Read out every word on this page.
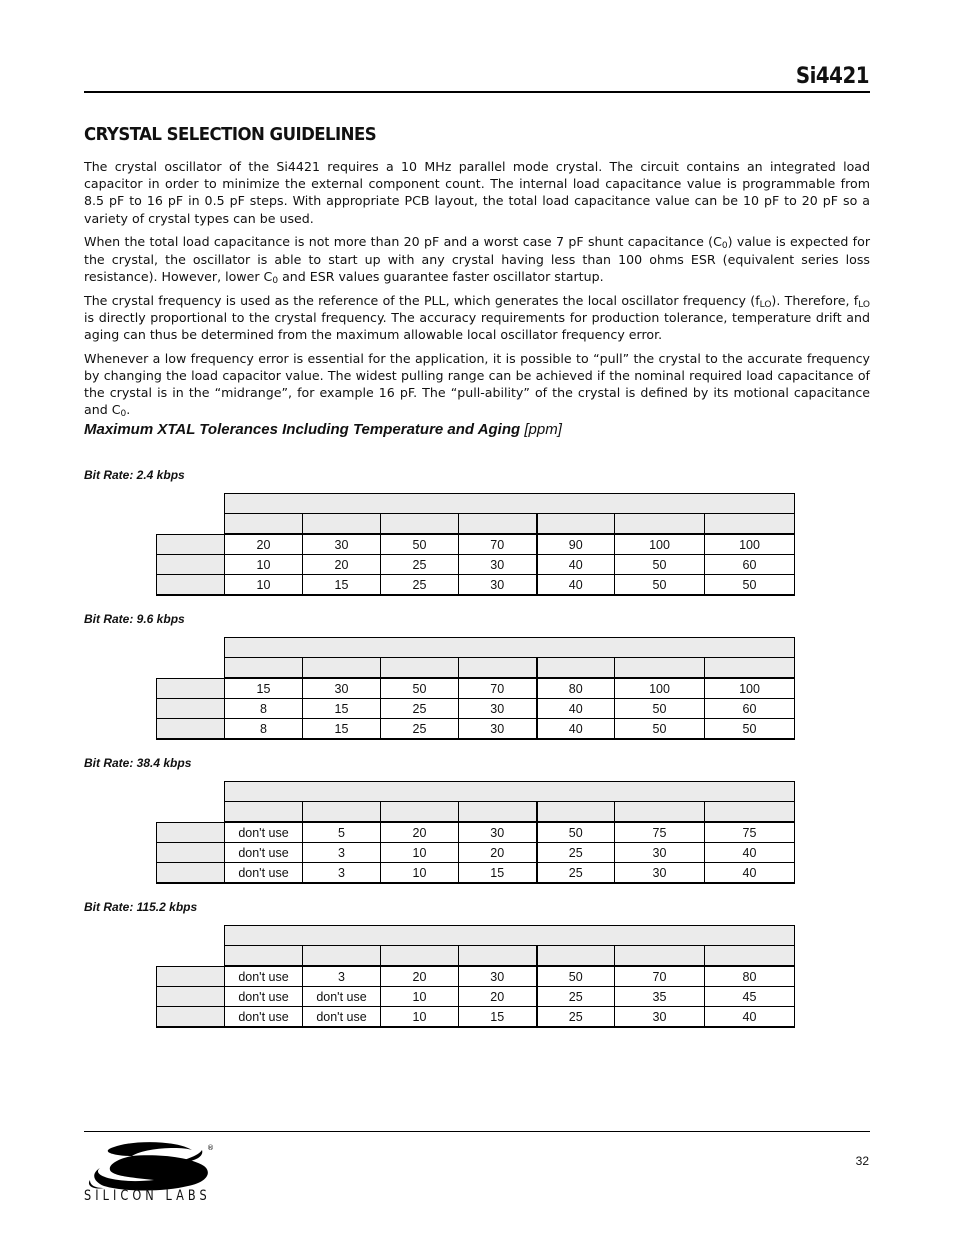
Si4421
CRYSTAL SELECTION GUIDELINES

The crystal oscillator of the Si4421 requires a 10 MHz parallel mode crystal. The circuit contains an integrated load capacitor in order to minimize the external component count. The internal load capacitance value is programmable from 8.5 pF to 16 pF in 0.5 pF steps. With appropriate PCB layout, the total load capacitance value can be 10 pF to 20 pF so a variety of crystal types can be used.

When the total load capacitance is not more than 20 pF and a worst case 7 pF shunt capacitance $(C_0)$ value is expected for the crystal, the oscillator is able to start up with any crystal having less than 100 ohms ESR (equivalent series loss resistance). However, lower $C_0$ and ESR values guarantee faster oscillator startup.

The crystal frequency is used as the reference of the PLL, which generates the local oscillator frequency $(f_{LO})$. Therefore, $f_{LO}$ is directly proportional to the crystal frequency. The accuracy requirements for production tolerance, temperature drift and aging can thus be determined from the maximum allowable local oscillator frequency error.

Whenever a low frequency error is essential for the application, it is possible to “pull” the crystal to the accurate frequency by changing the load capacitor value. The widest pulling range can be achieved if the nominal required load capacitance of the crystal is in the “midrange”, for example 16 pF. The “pull-ability” of the crystal is defined by its motional capacitance and $C_0$.

Maximum XTAL Tolerances Including Temperature and Aging [ppm]
Bit Rate: 2.4 kbps

	20	30	50	70	90	100	100
	10	20	25	30	40	50	60
	10	15	25	30	40	50	50
Bit Rate: 9.6 kbps

	15	30	50	70	80	100	100
	8	15	25	30	40	50	60
	8	15	25	30	40	50	50
Bit Rate: 38.4 kbps

	don't use	5	20	30	50	75	75
	don't use	3	10	20	25	30	40
	don't use	3	10	15	25	30	40
Bit Rate: 115.2 kbps

	don't use	3	20	30	50	70	80
	don't use	don't use	10	20	25	35	45
	don't use	don't use	10	15	25	30	40
®
SILICON LABS
32
